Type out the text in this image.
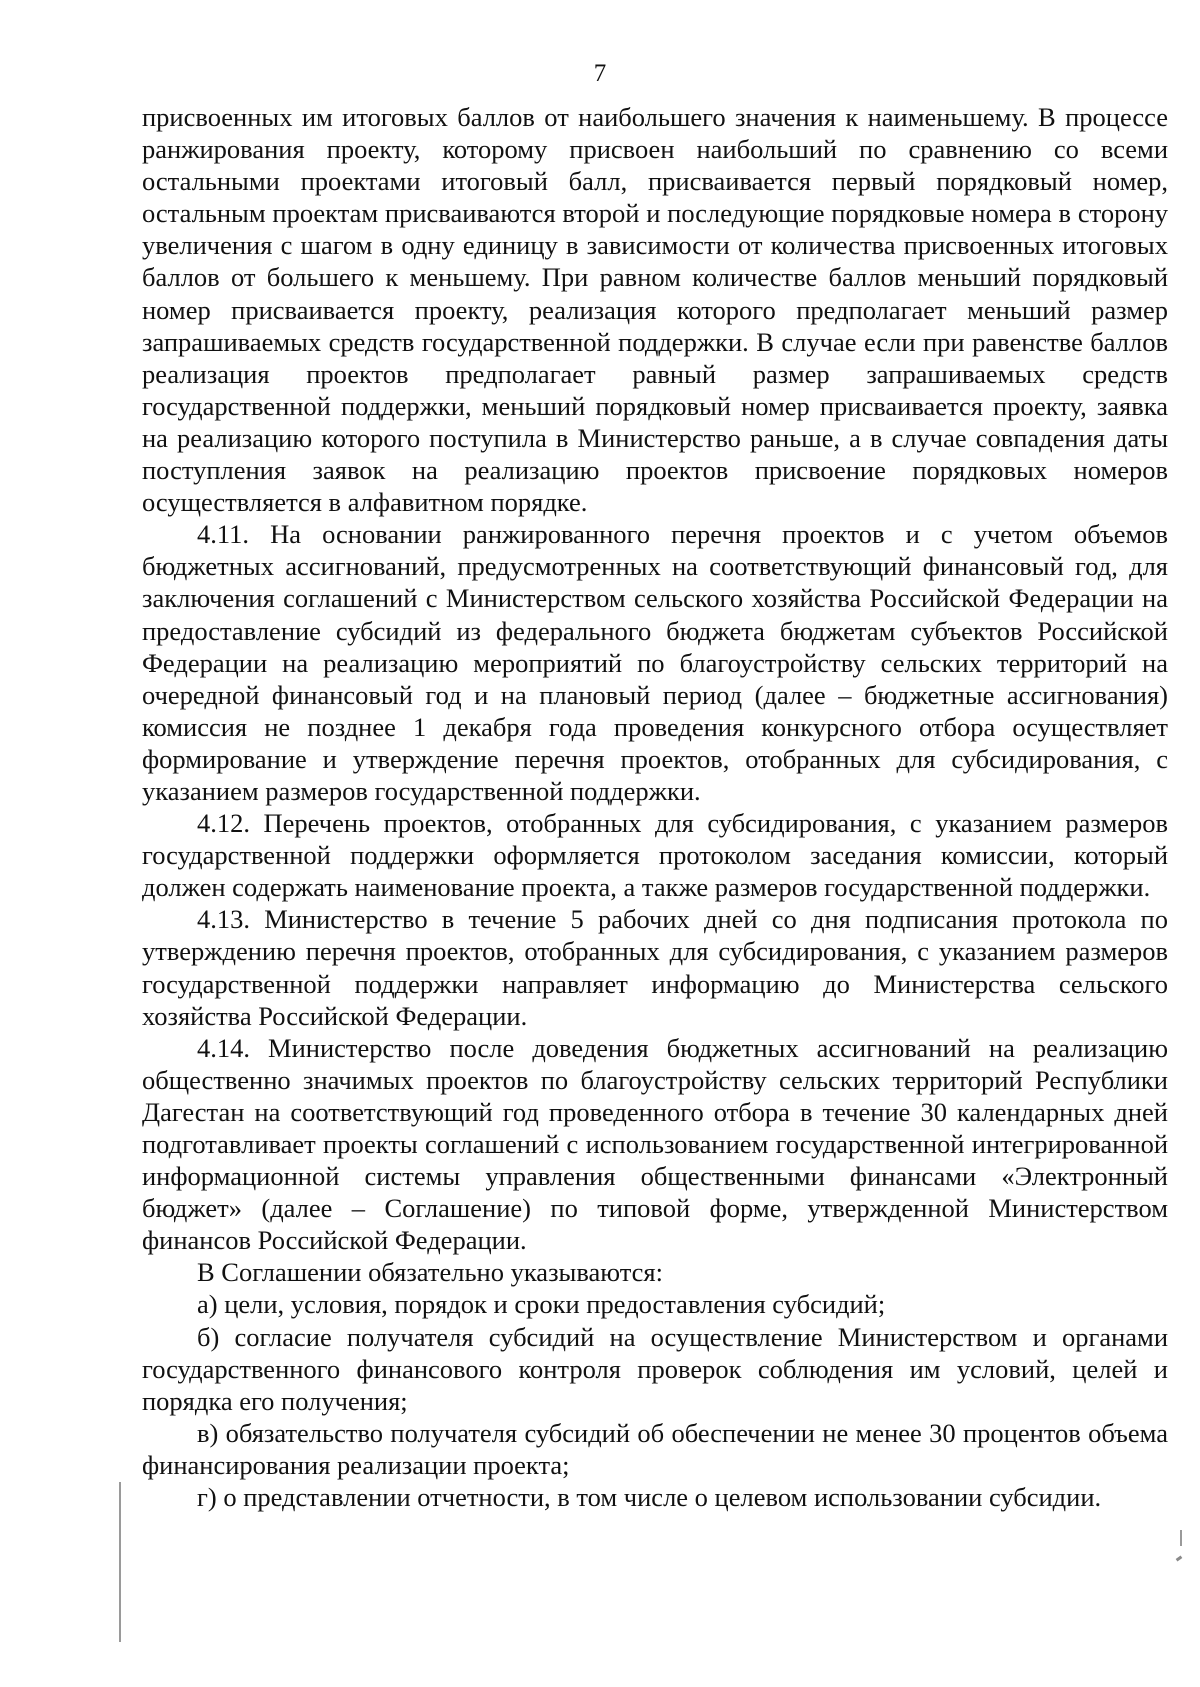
7

присвоенных им итоговых баллов от наибольшего значения к наименьшему. В процессе ранжирования проекту, которому присвоен наибольший по сравнению со всеми остальными проектами итоговый балл, присваивается первый порядковый номер, остальным проектам присваиваются второй и последующие порядковые номера в сторону увеличения с шагом в одну единицу в зависимости от количества присвоенных итоговых баллов от большего к меньшему. При равном количестве баллов меньший порядковый номер присваивается проекту, реализация которого предполагает меньший размер запрашиваемых средств государственной поддержки. В случае если при равенстве баллов реализация проектов предполагает равный размер запрашиваемых средств государственной поддержки, меньший порядковый номер присваивается проекту, заявка на реализацию которого поступила в Министерство раньше, а в случае совпадения даты поступления заявок на реализацию проектов присвоение порядковых номеров осуществляется в алфавитном порядке.

4.11. На основании ранжированного перечня проектов и с учетом объемов бюджетных ассигнований, предусмотренных на соответствующий финансовый год, для заключения соглашений с Министерством сельского хозяйства Российской Федерации на предоставление субсидий из федерального бюджета бюджетам субъектов Российской Федерации на реализацию мероприятий по благоустройству сельских территорий на очередной финансовый год и на плановый период (далее – бюджетные ассигнования) комиссия не позднее 1 декабря года проведения конкурсного отбора осуществляет формирование и утверждение перечня проектов, отобранных для субсидирования, с указанием размеров государственной поддержки.

4.12. Перечень проектов, отобранных для субсидирования, с указанием размеров государственной поддержки оформляется протоколом заседания комиссии, который должен содержать наименование проекта, а также размеров государственной поддержки.

4.13. Министерство в течение 5 рабочих дней со дня подписания протокола по утверждению перечня проектов, отобранных для субсидирования, с указанием размеров государственной поддержки направляет информацию до Министерства сельского хозяйства Российской Федерации.

4.14. Министерство после доведения бюджетных ассигнований на реализацию общественно значимых проектов по благоустройству сельских территорий Республики Дагестан на соответствующий год проведенного отбора в течение 30 календарных дней подготавливает проекты соглашений с использованием государственной интегрированной информационной системы управления общественными финансами «Электронный бюджет» (далее – Соглашение) по типовой форме, утвержденной Министерством финансов Российской Федерации.

В Соглашении обязательно указываются:

а) цели, условия, порядок и сроки предоставления субсидий;

б) согласие получателя субсидий на осуществление Министерством и органами государственного финансового контроля проверок соблюдения им условий, целей и порядка его получения;

в) обязательство получателя субсидий об обеспечении не менее 30 процентов объема финансирования реализации проекта;

г) о представлении отчетности, в том числе о целевом использовании субсидии.
